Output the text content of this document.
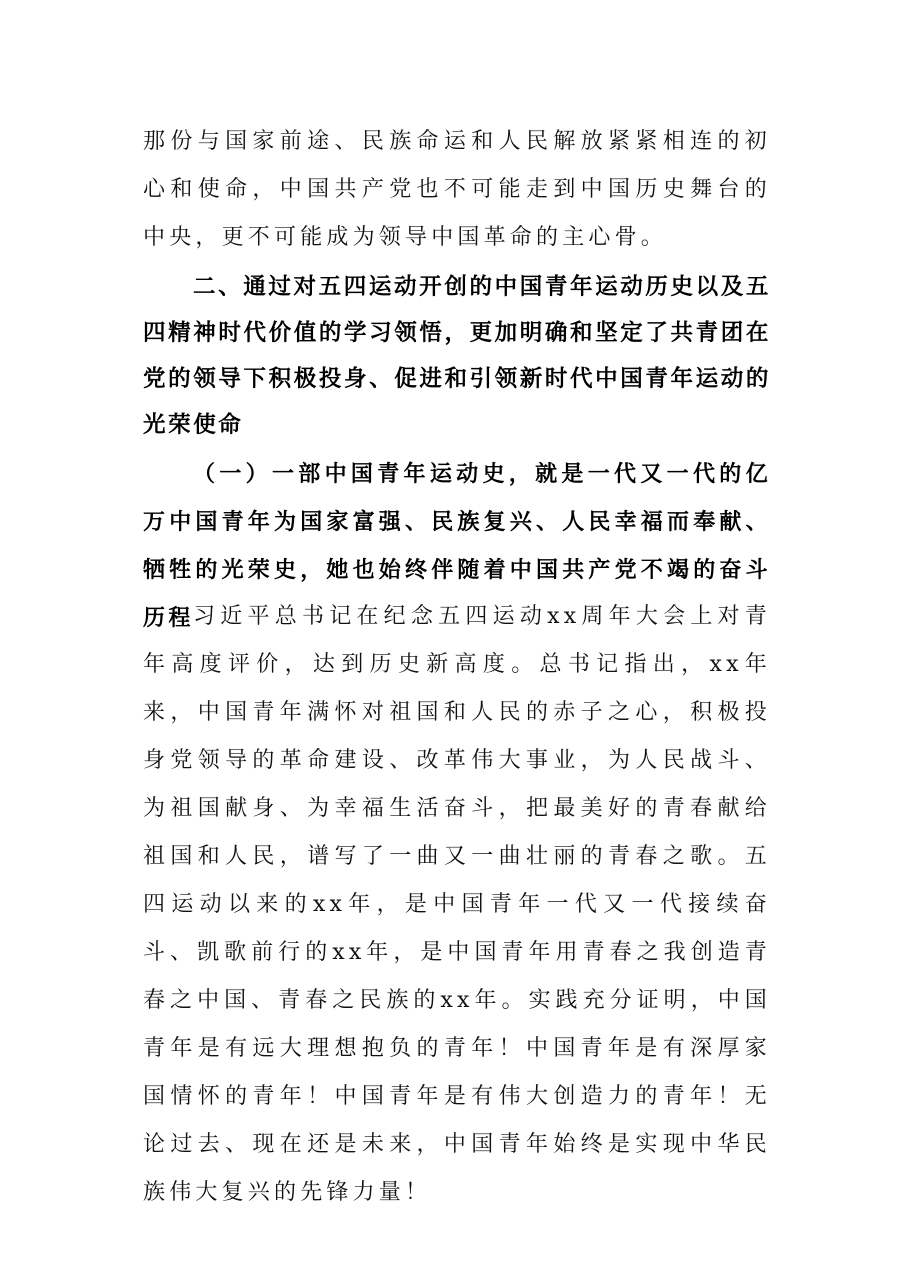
那份与国家前途、民族命运和人民解放紧紧相连的初心和使命，中国共产党也不可能走到中国历史舞台的中央，更不可能成为领导中国革命的主心骨。

二、通过对五四运动开创的中国青年运动历史以及五四精神时代价值的学习领悟，更加明确和坚定了共青团在党的领导下积极投身、促进和引领新时代中国青年运动的光荣使命

（一）一部中国青年运动史，就是一代又一代的亿万中国青年为国家富强、民族复兴、人民幸福而奉献、牺牲的光荣史，她也始终伴随着中国共产党不竭的奋斗历程 习近平总书记在纪念五四运动xx周年大会上对青年高度评价，达到历史新高度。总书记指出，xx年来，中国青年满怀对祖国和人民的赤子之心，积极投身党领导的革命建设、改革伟大事业，为人民战斗、为祖国献身、为幸福生活奋斗，把最美好的青春献给祖国和人民，谱写了一曲又一曲壮丽的青春之歌。五四运动以来的xx年，是中国青年一代又一代接续奋斗、凯歌前行的xx年，是中国青年用青春之我创造青春之中国、青春之民族的xx年。实践充分证明，中国青年是有远大理想抱负的青年！中国青年是有深厚家国情怀的青年！中国青年是有伟大创造力的青年！无论过去、现在还是未来，中国青年始终是实现中华民族伟大复兴的先锋力量！
